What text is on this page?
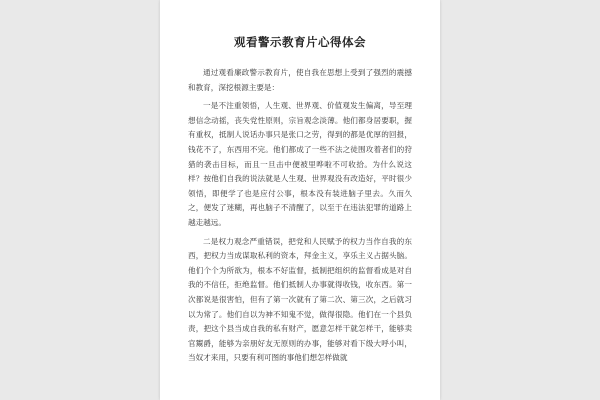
观看警示教育片心得体会

通过观看廉政警示教育片，使自我在思想上受到了强烈的震撼和教育，深挖根源主要是：

一是不注重领悟，人生观、世界观、价值观发生偏离，导至理想信念动摇，丧失党性原则，宗旨观念淡薄。他们都身居要职，握有重权，抵制人说话办事只是张口之劳，得到的都是优厚的回报，钱花不了，东西用不完。他们都成了一些不法之徒围攻着者们的狩猎的袭击目标，而且一旦击中便被里哗啦不可收拾。为什么说这样？按他们自我的说法就是人生观、世界观没有改造好，平时很少领悟，即便学了也是应付公事，根本没有装进脑子里去。久而久之，便发了迷糊，再也脑子不清醒了，以至于在违法犯罪的道路上越走越远。

二是权力观念严重错误，把党和人民赋予的权力当作自我的东西，把权力当成谋取私利的资本，拜金主义，享乐主义占据头脑。他们个个为所欲为，根本不好监督，抵制把组织的监督看成是对自我的不信任，拒绝监督。他们抵制人办事就得收钱，收东西。第一次都说是很害怕，但有了第一次就有了第二次、第三次，之后就习以为常了。他们自以为神不知鬼不觉，做得很隐。他们在一个县负责，把这个县当成自我的私有财产，愿意怎样干就怎样干，能够卖官鬻爵，能够为亲朋好友无原则的办事，能够对看下级大呼小叫，当奴才来用，只要有利可图的事他们想怎样做就
